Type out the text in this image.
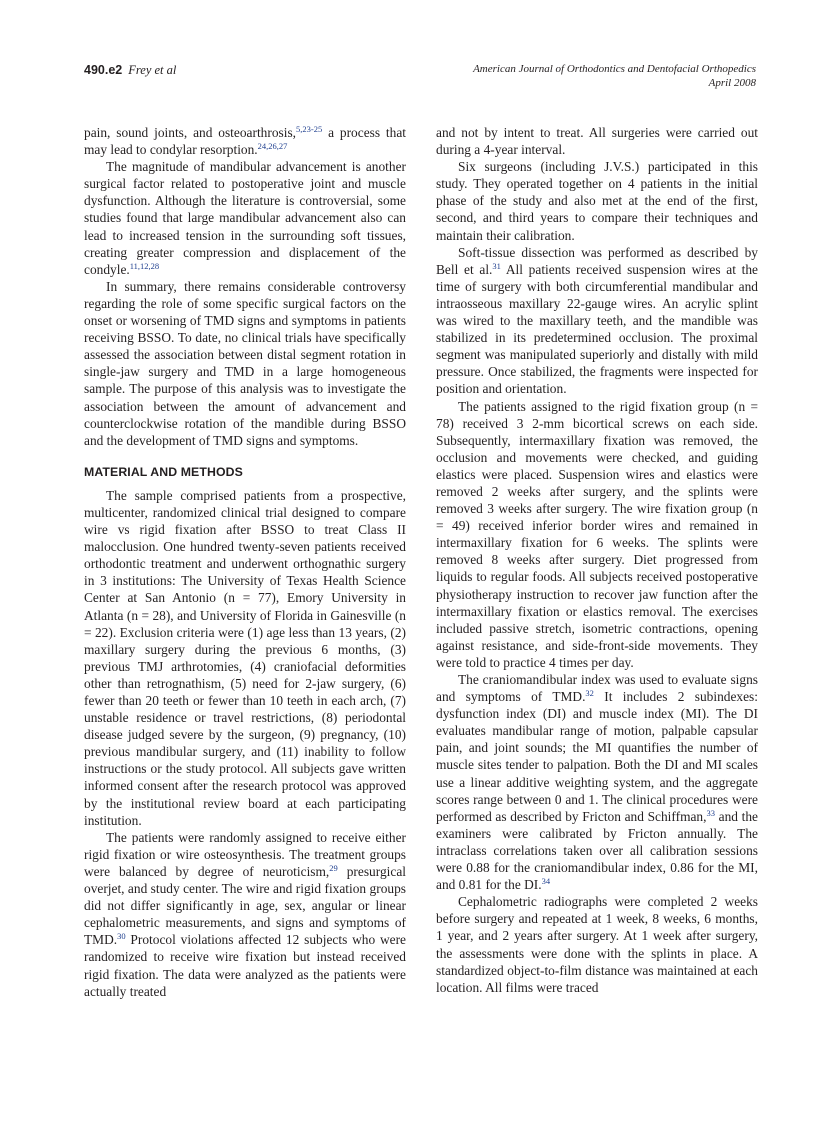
490.e2 Frey et al	American Journal of Orthodontics and Dentofacial Orthopedics
April 2008

pain, sound joints, and osteoarthrosis,$^{5,23-25}$ a process that may lead to condylar resorption.$^{24,26,27}$

The magnitude of mandibular advancement is another surgical factor related to postoperative joint and muscle dysfunction. Although the literature is controversial, some studies found that large mandibular advancement also can lead to increased tension in the surrounding soft tissues, creating greater compression and displacement of the condyle.$^{11,12,28}$

In summary, there remains considerable controversy regarding the role of some specific surgical factors on the onset or worsening of TMD signs and symptoms in patients receiving BSSO. To date, no clinical trials have specifically assessed the association between distal segment rotation in single-jaw surgery and TMD in a large homogeneous sample. The purpose of this analysis was to investigate the association between the amount of advancement and counterclockwise rotation of the mandible during BSSO and the development of TMD signs and symptoms.

MATERIAL AND METHODS

The sample comprised patients from a prospective, multicenter, randomized clinical trial designed to compare wire vs rigid fixation after BSSO to treat Class II malocclusion. One hundred twenty-seven patients received orthodontic treatment and underwent orthognathic surgery in 3 institutions: The University of Texas Health Science Center at San Antonio (n = 77), Emory University in Atlanta (n = 28), and University of Florida in Gainesville (n = 22). Exclusion criteria were (1) age less than 13 years, (2) maxillary surgery during the previous 6 months, (3) previous TMJ arthrotomies, (4) craniofacial deformities other than retrognathism, (5) need for 2-jaw surgery, (6) fewer than 20 teeth or fewer than 10 teeth in each arch, (7) unstable residence or travel restrictions, (8) periodontal disease judged severe by the surgeon, (9) pregnancy, (10) previous mandibular surgery, and (11) inability to follow instructions or the study protocol. All subjects gave written informed consent after the research protocol was approved by the institutional review board at each participating institution.

The patients were randomly assigned to receive either rigid fixation or wire osteosynthesis. The treatment groups were balanced by degree of neuroticism,$^{29}$ presurgical overjet, and study center. The wire and rigid fixation groups did not differ significantly in age, sex, angular or linear cephalometric measurements, and signs and symptoms of TMD.$^{30}$ Protocol violations affected 12 subjects who were randomized to receive wire fixation but instead received rigid fixation. The data were analyzed as the patients were actually treated

and not by intent to treat. All surgeries were carried out during a 4-year interval.

Six surgeons (including J.V.S.) participated in this study. They operated together on 4 patients in the initial phase of the study and also met at the end of the first, second, and third years to compare their techniques and maintain their calibration.

Soft-tissue dissection was performed as described by Bell et al.$^{31}$ All patients received suspension wires at the time of surgery with both circumferential mandibular and intraosseous maxillary 22-gauge wires. An acrylic splint was wired to the maxillary teeth, and the mandible was stabilized in its predetermined occlusion. The proximal segment was manipulated superiorly and distally with mild pressure. Once stabilized, the fragments were inspected for position and orientation.

The patients assigned to the rigid fixation group (n = 78) received 3 2-mm bicortical screws on each side. Subsequently, intermaxillary fixation was removed, the occlusion and movements were checked, and guiding elastics were placed. Suspension wires and elastics were removed 2 weeks after surgery, and the splints were removed 3 weeks after surgery. The wire fixation group (n = 49) received inferior border wires and remained in intermaxillary fixation for 6 weeks. The splints were removed 8 weeks after surgery. Diet progressed from liquids to regular foods. All subjects received postoperative physiotherapy instruction to recover jaw function after the intermaxillary fixation or elastics removal. The exercises included passive stretch, isometric contractions, opening against resistance, and side-front-side movements. They were told to practice 4 times per day.

The craniomandibular index was used to evaluate signs and symptoms of TMD.$^{32}$ It includes 2 subindexes: dysfunction index (DI) and muscle index (MI). The DI evaluates mandibular range of motion, palpable capsular pain, and joint sounds; the MI quantifies the number of muscle sites tender to palpation. Both the DI and MI scales use a linear additive weighting system, and the aggregate scores range between 0 and 1. The clinical procedures were performed as described by Fricton and Schiffman,$^{33}$ and the examiners were calibrated by Fricton annually. The intraclass correlations taken over all calibration sessions were 0.88 for the craniomandibular index, 0.86 for the MI, and 0.81 for the DI.$^{34}$

Cephalometric radiographs were completed 2 weeks before surgery and repeated at 1 week, 8 weeks, 6 months, 1 year, and 2 years after surgery. At 1 week after surgery, the assessments were done with the splints in place. A standardized object-to-film distance was maintained at each location. All films were traced
